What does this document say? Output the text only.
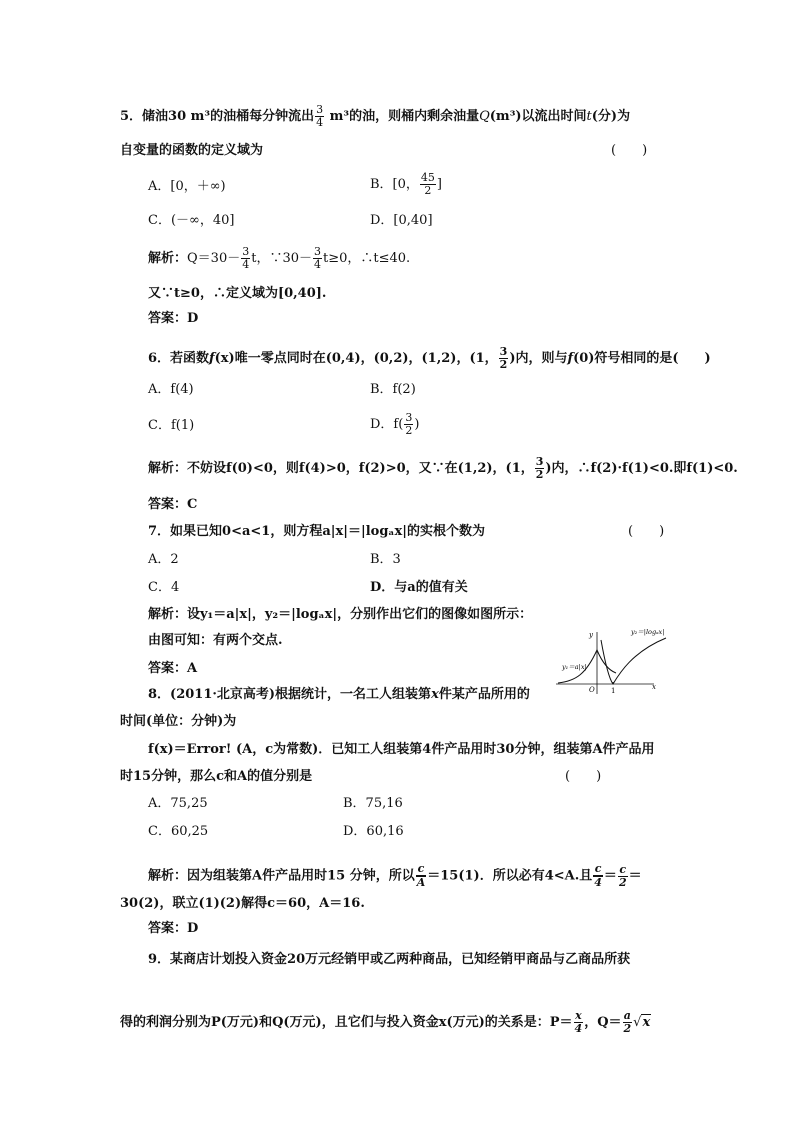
5．储油30 m³的油桶每分钟流出 $\frac{3}{4} m^3$的油，则桶内剩余油量Q(m³)以流出时间t(分)为
自变量的函数的定义域为	(　　)
A．[0，＋∞)	B．[0， $\frac{45}{2}$ ]
C．(－∞，40]	D．[0,40]
解析：$Q=30- \frac{3}{4}$ t，∵30－ $\frac{3}{4} t\ge 0$，∴t≤40.
又∵t≥0，∴定义域为[0,40].
答案：D
6．若函数f(x)唯一零点同时在(0,4)，(0,2)，(1,2)，(1， $\frac{3}{2}$ )内，则与f(0)符号相同的是(　　)
A．f(4)	B．f(2)
C．f(1)	D．$f( \frac{3}{2}$ )
解析：不妨设f(0)<0，则f(4)>0，f(2)>0，又∵在(1,2)，(1， $\frac{3}{2}$ )内，∴f(2)·f(1)<0.即f(1)<0.
答案：C
7．如果已知0<a<1，则方程a|x|＝|logₐx|的实根个数为	(　　)
A．2	B．3
C．4	D．与a的值有关
解析：设y₁＝a|x|，y₂＝|logₐx|，分别作出它们的图像如图所示：
由图可知：有两个交点.
答案：A
y
x
O 1
y₁＝a|x|
y₂＝|logₐx|
8．(2011·北京高考)根据统计，一名工人组装第x件某产品所用的
时间(单位：分钟)为
f(x)＝Error! (A，c为常数)．已知工人组装第4件产品用时30分钟，组装第A件产品用
时15分钟，那么c和A的值分别是	(　　)
A．75,25	B．75,16
C．60,25	D．60,16
解析：因为组装第A件产品用时15 分钟，所以 $\frac{c}{A} =15(1)$．所以必有4<A.且 $\frac{c}{4} = \frac{c}{2}$ ＝
30(2)，联立(1)(2)解得c＝60，A＝16.
答案：D
9．某商店计划投入资金20万元经销甲或乙两种商品，已知经销甲商品与乙商品所获
得的利润分别为P(万元)和Q(万元)，且它们与投入资金x(万元)的关系是：$P= \frac{x}{4}$ ，$Q= \frac{a}{2} √x$
